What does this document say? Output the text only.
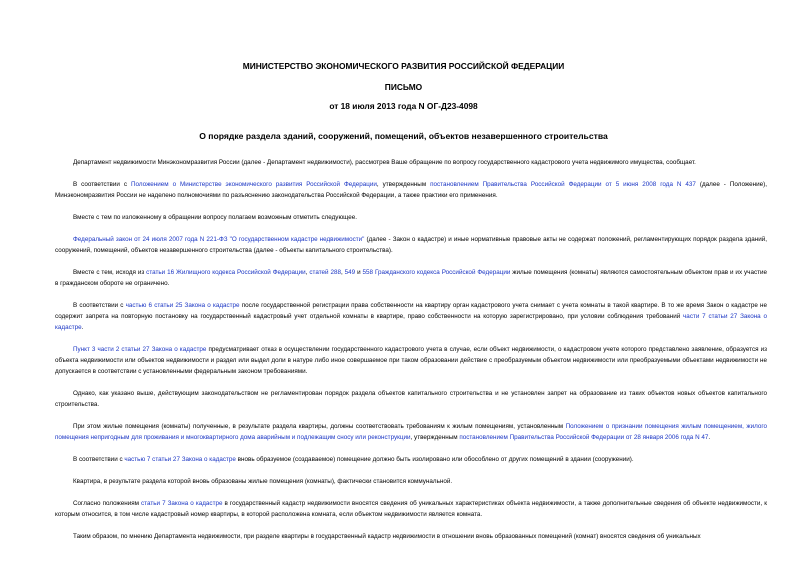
МИНИСТЕРСТВО ЭКОНОМИЧЕСКОГО РАЗВИТИЯ РОССИЙСКОЙ ФЕДЕРАЦИИ
ПИСЬМО
от 18 июля 2013 года N ОГ-Д23-4098
О порядке раздела зданий, сооружений, помещений, объектов незавершенного строительства

Департамент недвижимости Минэкономразвития России (далее - Департамент недвижимости), рассмотрев Ваше обращение по вопросу государственного кадастрового учета недвижимого имущества, сообщает.

В соответствии с Положением о Министерстве экономического развития Российской Федерации, утвержденным постановлением Правительства Российской Федерации от 5 июня 2008 года N 437 (далее - Положение), Минэкономразвития России не наделено полномочиями по разъяснению законодательства Российской Федерации, а также практики его применения.

Вместе с тем по изложенному в обращении вопросу полагаем возможным отметить следующее.

Федеральный закон от 24 июля 2007 года N 221-ФЗ "О государственном кадастре недвижимости" (далее - Закон о кадастре) и иные нормативные правовые акты не содержат положений, регламентирующих порядок раздела зданий, сооружений, помещений, объектов незавершенного строительства (далее - объекты капитального строительства).

Вместе с тем, исходя из статьи 16 Жилищного кодекса Российской Федерации, статей 288, 549 и 558 Гражданского кодекса Российской Федерации жилые помещения (комнаты) являются самостоятельным объектом прав и их участие в гражданском обороте не ограничено.

В соответствии с частью 6 статьи 25 Закона о кадастре после государственной регистрации права собственности на квартиру орган кадастрового учета снимает с учета комнаты в такой квартире. В то же время Закон о кадастре не содержит запрета на повторную постановку на государственный кадастровый учет отдельной комнаты в квартире, право собственности на которую зарегистрировано, при условии соблюдения требований части 7 статьи 27 Закона о кадастре.

Пункт 3 части 2 статьи 27 Закона о кадастре предусматривает отказ в осуществлении государственного кадастрового учета в случае, если объект недвижимости, о кадастровом учете которого представлено заявление, образуется из объекта недвижимости или объектов недвижимости и раздел или выдел доли в натуре либо иное совершаемое при таком образовании действие с преобразуемым объектом недвижимости или преобразуемыми объектами недвижимости не допускается в соответствии с установленными федеральным законом требованиями.

Однако, как указано выше, действующим законодательством не регламентирован порядок раздела объектов капитального строительства и не установлен запрет на образование из таких объектов новых объектов капитального строительства.

При этом жилые помещения (комнаты) полученные, в результате раздела квартиры, должны соответствовать требованиям к жилым помещениям, установленным Положением о признании помещения жилым помещением, жилого помещения непригодным для проживания и многоквартирного дома аварийным и подлежащим сносу или реконструкции, утвержденным постановлением Правительства Российской Федерации от 28 января 2006 года N 47.

В соответствии с частью 7 статьи 27 Закона о кадастре вновь образуемое (создаваемое) помещение должно быть изолировано или обособлено от других помещений в здании (сооружении).

Квартира, в результате раздела которой вновь образованы жилые помещения (комнаты), фактически становится коммунальной.

Согласно положениям статьи 7 Закона о кадастре в государственный кадастр недвижимости вносятся сведения об уникальных характеристиках объекта недвижимости, а также дополнительные сведения об объекте недвижимости, к которым относится, в том числе кадастровый номер квартиры, в которой расположена комната, если объектом недвижимости является комната.

Таким образом, по мнению Департамента недвижимости, при разделе квартиры в государственный кадастр недвижимости в отношении вновь образованных помещений (комнат) вносятся сведения об уникальных
